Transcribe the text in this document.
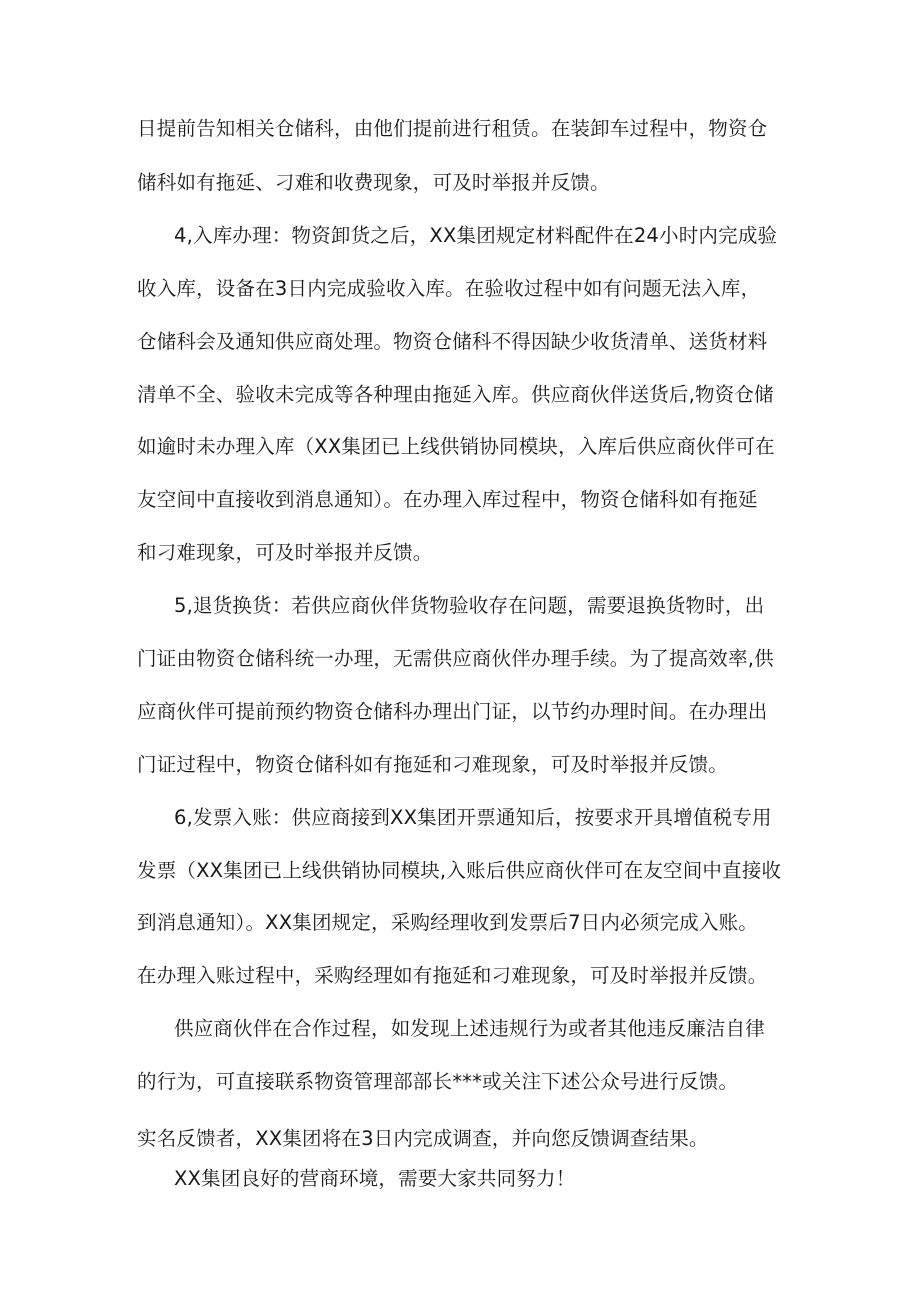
日提前告知相关仓储科，由他们提前进行租赁。在装卸车过程中，物资仓
储科如有拖延、刁难和收费现象，可及时举报并反馈。
4,入库办理：物资卸货之后，XX集团规定材料配件在24小时内完成验
收入库，设备在3日内完成验收入库。在验收过程中如有问题无法入库，
仓储科会及通知供应商处理。物资仓储科不得因缺少收货清单、送货材料
清单不全、验收未完成等各种理由拖延入库。供应商伙伴送货后,物资仓储
如逾时未办理入库（XX集团已上线供销协同模块，入库后供应商伙伴可在
友空间中直接收到消息通知）。在办理入库过程中，物资仓储科如有拖延
和刁难现象，可及时举报并反馈。
5,退货换货：若供应商伙伴货物验收存在问题，需要退换货物时，出
门证由物资仓储科统一办理，无需供应商伙伴办理手续。为了提高效率,供
应商伙伴可提前预约物资仓储科办理出门证，以节约办理时间。在办理出
门证过程中，物资仓储科如有拖延和刁难现象，可及时举报并反馈。
6,发票入账：供应商接到XX集团开票通知后，按要求开具增值税专用
发票（XX集团已上线供销协同模块,入账后供应商伙伴可在友空间中直接收
到消息通知）。XX集团规定，采购经理收到发票后7日内必须完成入账。
在办理入账过程中，采购经理如有拖延和刁难现象，可及时举报并反馈。
供应商伙伴在合作过程，如发现上述违规行为或者其他违反廉洁自律
的行为，可直接联系物资管理部部长***或关注下述公众号进行反馈。
实名反馈者，XX集团将在3日内完成调查，并向您反馈调查结果。
XX集团良好的营商环境，需要大家共同努力！
